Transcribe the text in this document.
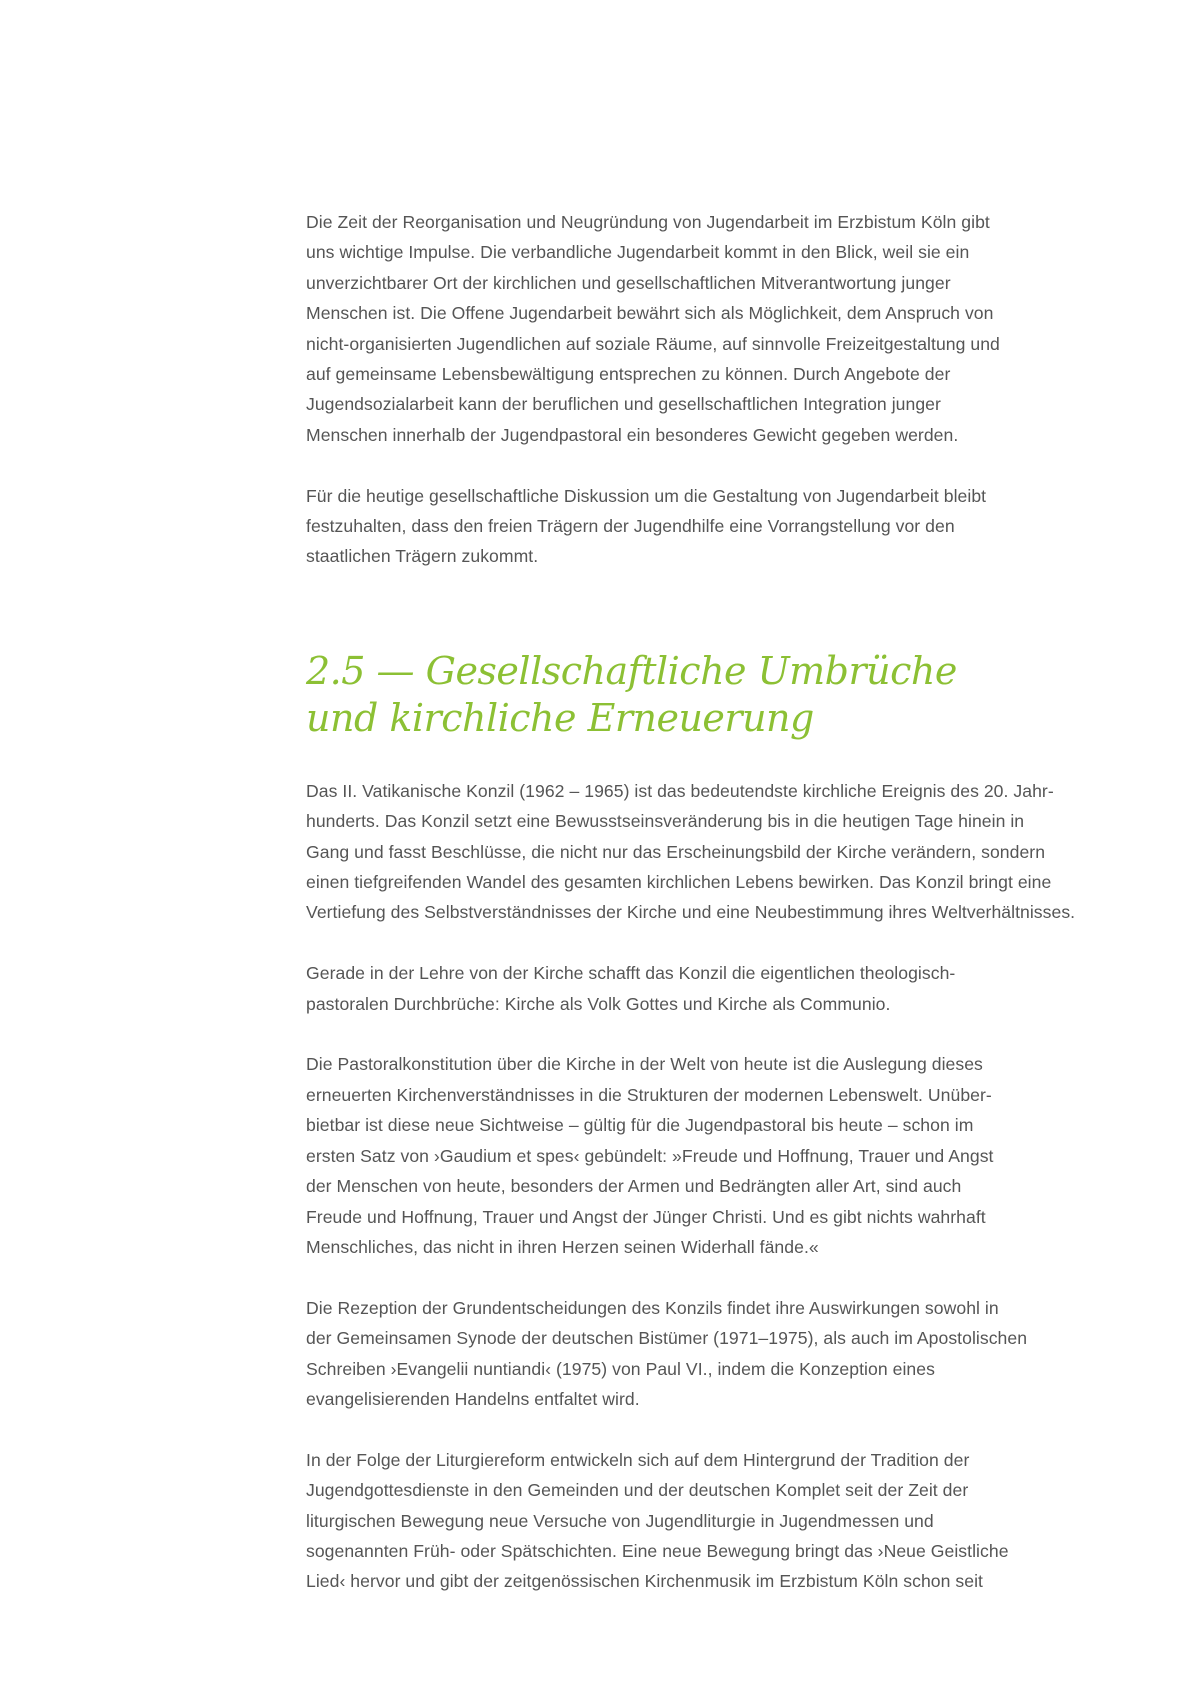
Die Zeit der Reorganisation und Neugründung von Jugendarbeit im Erzbistum Köln gibt
uns wichtige Impulse. Die verbandliche Jugendarbeit kommt in den Blick, weil sie ein
unverzichtbarer Ort der kirchlichen und gesellschaftlichen Mitverantwortung junger
Menschen ist. Die Offene Jugendarbeit bewährt sich als Möglichkeit, dem Anspruch von
nicht-organisierten Jugendlichen auf soziale Räume, auf sinnvolle Freizeitgestaltung und
auf gemeinsame Lebensbewältigung entsprechen zu können. Durch Angebote der
Jugendsozialarbeit kann der beruflichen und gesellschaftlichen Integration junger
Menschen innerhalb der Jugendpastoral ein besonderes Gewicht gegeben werden.

Für die heutige gesellschaftliche Diskussion um die Gestaltung von Jugendarbeit bleibt
festzuhalten, dass den freien Trägern der Jugendhilfe eine Vorrangstellung vor den
staatlichen Trägern zukommt.

2.5 — Gesellschaftliche Umbrüche
und kirchliche Erneuerung

Das II. Vatikanische Konzil (1962 – 1965) ist das bedeutendste kirchliche Ereignis des 20. Jahr-
hunderts. Das Konzil setzt eine Bewusstseinsveränderung bis in die heutigen Tage hinein in
Gang und fasst Beschlüsse, die nicht nur das Erscheinungsbild der Kirche verändern, sondern
einen tiefgreifenden Wandel des gesamten kirchlichen Lebens bewirken. Das Konzil bringt eine
Vertiefung des Selbstverständnisses der Kirche und eine Neubestimmung ihres Weltverhältnisses.

Gerade in der Lehre von der Kirche schafft das Konzil die eigentlichen theologisch-
pastoralen Durchbrüche: Kirche als Volk Gottes und Kirche als Communio.

Die Pastoralkonstitution über die Kirche in der Welt von heute ist die Auslegung dieses
erneuerten Kirchenverständnisses in die Strukturen der modernen Lebenswelt. Unüber-
bietbar ist diese neue Sichtweise – gültig für die Jugendpastoral bis heute – schon im
ersten Satz von ›Gaudium et spes‹ gebündelt: »Freude und Hoffnung, Trauer und Angst
der Menschen von heute, besonders der Armen und Bedrängten aller Art, sind auch
Freude und Hoffnung, Trauer und Angst der Jünger Christi. Und es gibt nichts wahrhaft
Menschliches, das nicht in ihren Herzen seinen Widerhall fände.«

Die Rezeption der Grundentscheidungen des Konzils findet ihre Auswirkungen sowohl in
der Gemeinsamen Synode der deutschen Bistümer (1971–1975), als auch im Apostolischen
Schreiben ›Evangelii nuntiandi‹ (1975) von Paul VI., indem die Konzeption eines
evangelisierenden Handelns entfaltet wird.

In der Folge der Liturgiereform entwickeln sich auf dem Hintergrund der Tradition der
Jugendgottesdienste in den Gemeinden und der deutschen Komplet seit der Zeit der
liturgischen Bewegung neue Versuche von Jugendliturgie in Jugendmessen und
sogenannten Früh- oder Spätschichten. Eine neue Bewegung bringt das ›Neue Geistliche
Lied‹ hervor und gibt der zeitgenössischen Kirchenmusik im Erzbistum Köln schon seit
